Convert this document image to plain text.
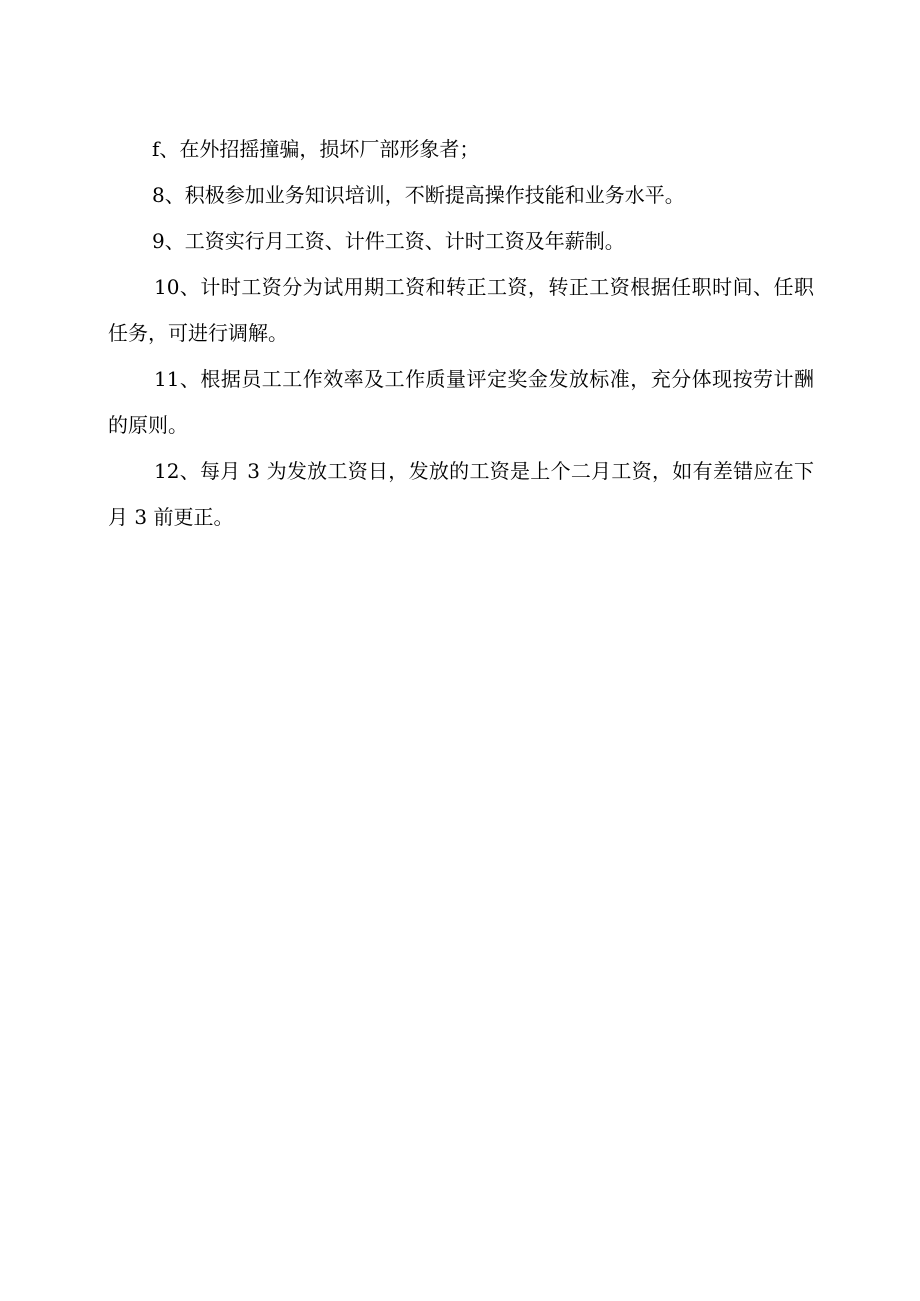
f、在外招摇撞骗，损坏厂部形象者；

8、积极参加业务知识培训，不断提高操作技能和业务水平。

9、工资实行月工资、计件工资、计时工资及年薪制。

10、计时工资分为试用期工资和转正工资，转正工资根据任职时间、任职任务，可进行调解。

11、根据员工工作效率及工作质量评定奖金发放标准，充分体现按劳计酬的原则。

12、每月 3 为发放工资日，发放的工资是上个二月工资，如有差错应在下月 3 前更正。
